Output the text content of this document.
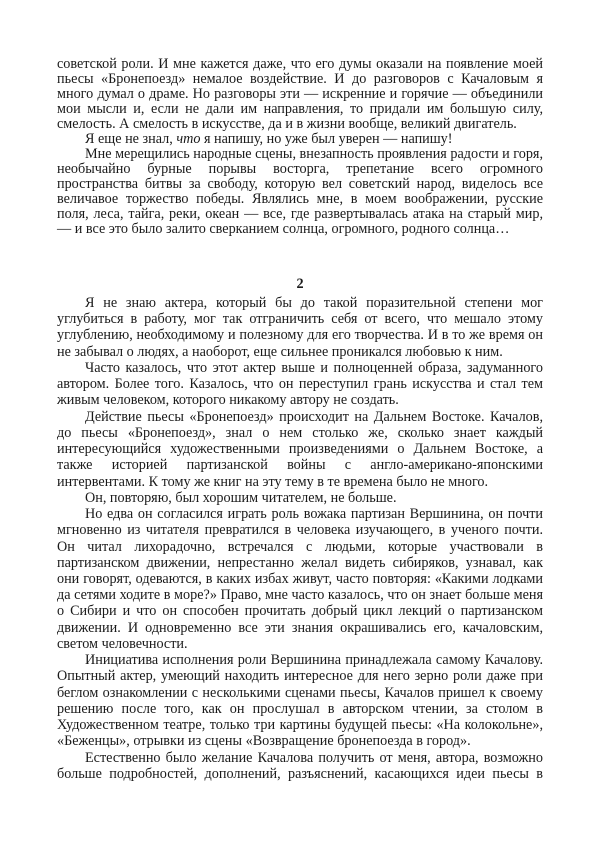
советской роли. И мне кажется даже, что его думы оказали на появление моей пьесы «Бронепоезд» немалое воздействие. И до разговоров с Качаловым я много думал о драме. Но разговоры эти — искренние и горячие — объединили мои мысли и, если не дали им направления, то придали им большую силу, смелость. А смелость в искусстве, да и в жизни вообще, великий двигатель.

Я еще не знал, что я напишу, но уже был уверен — напишу!

Мне мерещились народные сцены, внезапность проявления радости и горя, необычайно бурные порывы восторга, трепетание всего огромного пространства битвы за свободу, которую вел советский народ, виделось все величавое торжество победы. Являлись мне, в моем воображении, русские поля, леса, тайга, реки, океан — все, где развертывалась атака на старый мир, — и все это было залито сверканием солнца, огромного, родного солнца…

2

Я не знаю актера, который бы до такой поразительной степени мог углубиться в работу, мог так отграничить себя от всего, что мешало этому углублению, необходимому и полезному для его творчества. И в то же время он не забывал о людях, а наоборот, еще сильнее проникался любовью к ним.

Часто казалось, что этот актер выше и полноценней образа, задуманного автором. Более того. Казалось, что он переступил грань искусства и стал тем живым человеком, которого никакому автору не создать.

Действие пьесы «Бронепоезд» происходит на Дальнем Востоке. Качалов, до пьесы «Бронепоезд», знал о нем столько же, сколько знает каждый интересующийся художественными произведениями о Дальнем Востоке, а также историей партизанской войны с англо-американо-японскими интервентами. К тому же книг на эту тему в те времена было не много.

Он, повторяю, был хорошим читателем, не больше.

Но едва он согласился играть роль вожака партизан Вершинина, он почти мгновенно из читателя превратился в человека изучающего, в ученого почти. Он читал лихорадочно, встречался с людьми, которые участвовали в партизанском движении, непрестанно желал видеть сибиряков, узнавал, как они говорят, одеваются, в каких избах живут, часто повторяя: «Какими лодками да сетями ходите в море?» Право, мне часто казалось, что он знает больше меня о Сибири и что он способен прочитать добрый цикл лекций о партизанском движении. И одновременно все эти знания окрашивались его, качаловским, светом человечности.

Инициатива исполнения роли Вершинина принадлежала самому Качалову. Опытный актер, умеющий находить интересное для него зерно роли даже при беглом ознакомлении с несколькими сценами пьесы, Качалов пришел к своему решению после того, как он прослушал в авторском чтении, за столом в Художественном театре, только три картины будущей пьесы: «На колокольне», «Беженцы», отрывки из сцены «Возвращение бронепоезда в город».

Естественно было желание Качалова получить от меня, автора, возможно больше подробностей, дополнений, разъяснений, касающихся идеи пьесы в
